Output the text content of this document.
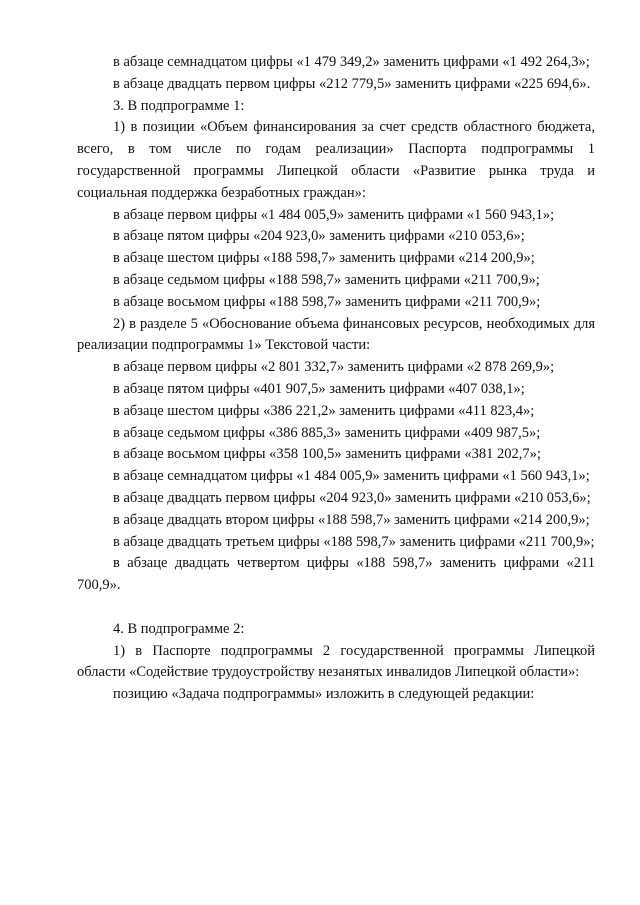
в абзаце семнадцатом цифры «1 479 349,2» заменить цифрами «1 492 264,3»;

в абзаце двадцать первом цифры «212 779,5» заменить цифрами «225 694,6».

3. В подпрограмме 1:

1) в позиции «Объем финансирования за счет средств областного бюджета, всего, в том числе по годам реализации» Паспорта подпрограммы 1 государственной программы Липецкой области «Развитие рынка труда и социальная поддержка безработных граждан»:

в абзаце первом цифры «1 484 005,9» заменить цифрами «1 560 943,1»;

в абзаце пятом цифры «204 923,0» заменить цифрами «210 053,6»;

в абзаце шестом цифры «188 598,7» заменить цифрами «214 200,9»;

в абзаце седьмом цифры «188 598,7» заменить цифрами «211 700,9»;

в абзаце восьмом цифры «188 598,7» заменить цифрами «211 700,9»;

2) в разделе 5 «Обоснование объема финансовых ресурсов, необходимых для реализации подпрограммы 1» Текстовой части:

в абзаце первом цифры «2 801 332,7» заменить цифрами «2 878 269,9»;

в абзаце пятом цифры «401 907,5» заменить цифрами «407 038,1»;

в абзаце шестом цифры «386 221,2» заменить цифрами «411 823,4»;

в абзаце седьмом цифры «386 885,3» заменить цифрами «409 987,5»;

в абзаце восьмом цифры «358 100,5» заменить цифрами «381 202,7»;

в абзаце семнадцатом цифры «1 484 005,9» заменить цифрами «1 560 943,1»;

в абзаце двадцать первом цифры «204 923,0» заменить цифрами «210 053,6»;

в абзаце двадцать втором цифры «188 598,7» заменить цифрами «214 200,9»;

в абзаце двадцать третьем цифры «188 598,7» заменить цифрами «211 700,9»;

в абзаце двадцать четвертом цифры «188 598,7» заменить цифрами «211 700,9».

4. В подпрограмме 2:

1) в Паспорте подпрограммы 2 государственной программы Липецкой области «Содействие трудоустройству незанятых инвалидов Липецкой области»:

позицию «Задача подпрограммы» изложить в следующей редакции:
